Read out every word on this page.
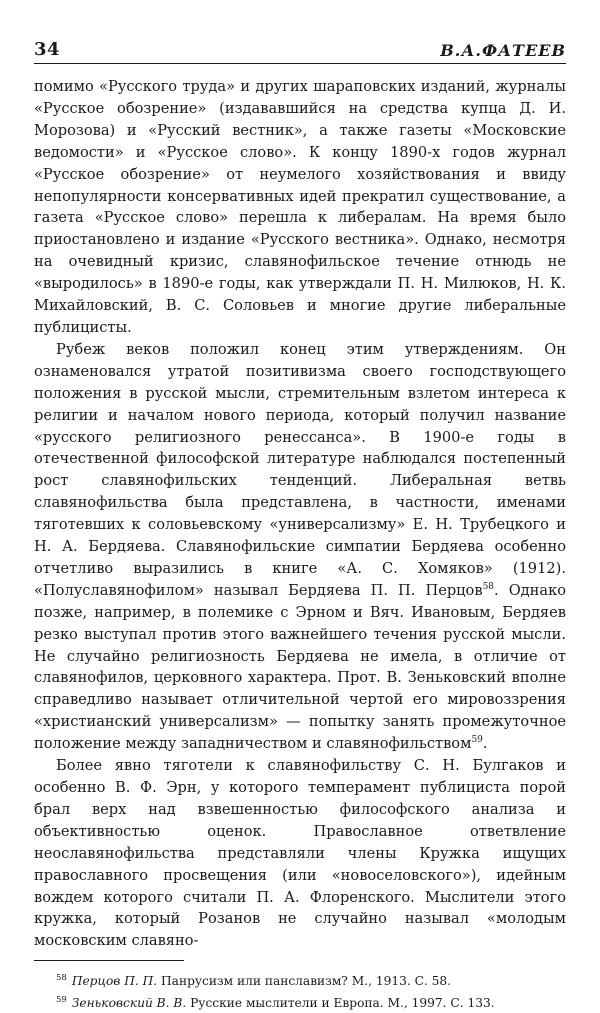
34	В.А.ФАТЕЕВ

помимо «Русского труда» и других шараповских изданий, журналы «Русское обозрение» (издававшийся на средства купца Д. И. Морозова) и «Русский вестник», а также газеты «Московские ведомости» и «Русское слово». К концу 1890-х годов журнал «Русское обозрение» от неумелого хозяйствования и ввиду непопулярности консервативных идей прекратил существование, а газета «Русское слово» перешла к либералам. На время было приостановлено и издание «Русского вестника». Однако, несмотря на очевидный кризис, славянофильское течение отнюдь не «выродилось» в 1890-е годы, как утверждали П. Н. Милюков, Н. К. Михайловский, В. С. Соловьев и многие другие либеральные публицисты.

Рубеж веков положил конец этим утверждениям. Он ознаменовался утратой позитивизма своего господствующего положения в русской мысли, стремительным взлетом интереса к религии и началом нового периода, который получил название «русского религиозного ренессанса». В 1900-е годы в отечественной философской литературе наблюдался постепенный рост славянофильских тенденций. Либеральная ветвь славянофильства была представлена, в частности, именами тяготевших к соловьевскому «универсализму» Е. Н. Трубецкого и Н. А. Бердяева. Славянофильские симпатии Бердяева особенно отчетливо выразились в книге «А. С. Хомяков» (1912). «Полуславянофилом» называл Бердяева П. П. Перцов$^{58}$. Однако позже, например, в полемике с Эрном и Вяч. Ивановым, Бердяев резко выступал против этого важнейшего течения русской мысли. Не случайно религиозность Бердяева не имела, в отличие от славянофилов, церковного характера. Прот. В. Зеньковский вполне справедливо называет отличительной чертой его мировоззрения «христианский универсализм» — попытку занять промежуточное положение между западничеством и славянофильством$^{59}$.

Более явно тяготели к славянофильству С. Н. Булгаков и особенно В. Ф. Эрн, у которого темперамент публициста порой брал верх над взвешенностью философского анализа и объективностью оценок. Православное ответвление неославянофильства представляли члены Кружка ищущих православного просвещения (или «новоселовского»), идейным вождем которого считали П. А. Флоренского. Мыслители этого кружка, который Розанов не случайно называл «молодым московским славяно-

$^{58}$ Перцов П. П. Панрусизм или панславизм? М., 1913. С. 58.
$^{59}$ Зеньковский В. В. Русские мыслители и Европа. М., 1997. С. 133.
